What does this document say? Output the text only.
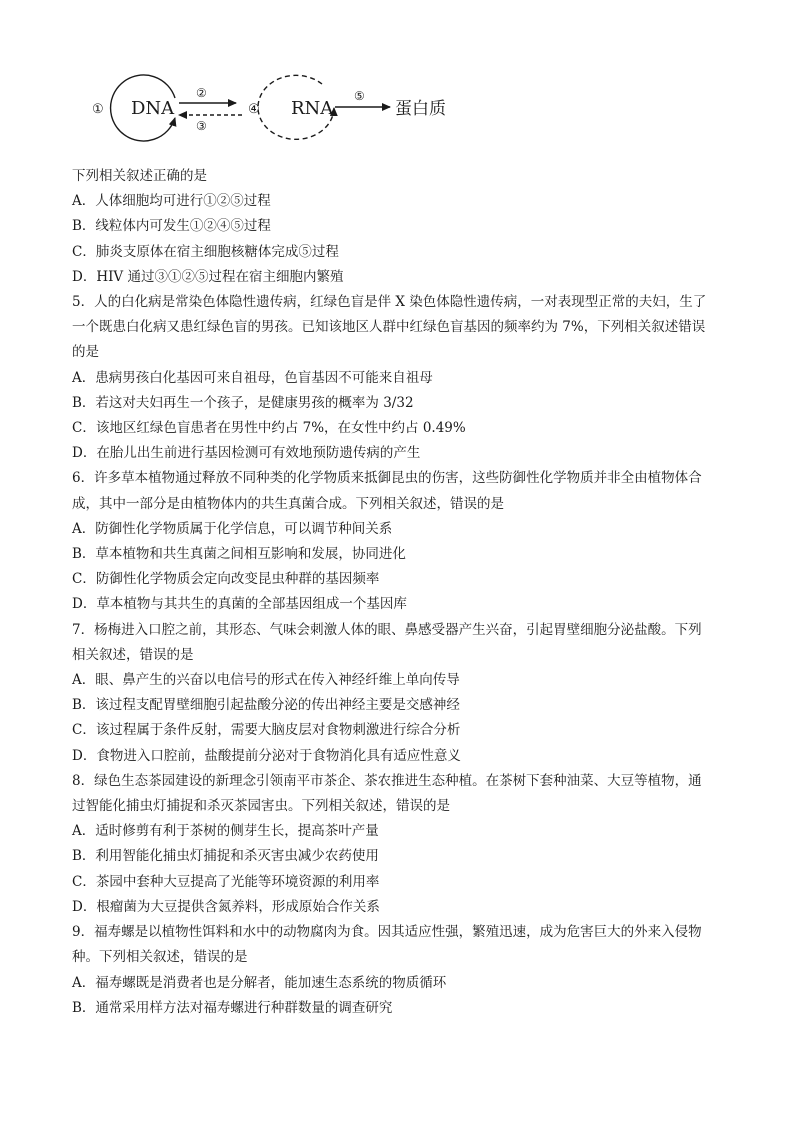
① DNA
②
③
④ RNA
⑤
蛋白质

下列相关叙述正确的是

A．人体细胞均可进行①②⑤过程

B．线粒体内可发生①②④⑤过程

C．肺炎支原体在宿主细胞核糖体完成⑤过程

D．HIV 通过③①②⑤过程在宿主细胞内繁殖

5．人的白化病是常染色体隐性遗传病，红绿色盲是伴 X 染色体隐性遗传病，一对表现型正常的夫妇，生了

一个既患白化病又患红绿色盲的男孩。已知该地区人群中红绿色盲基因的频率约为 7%，下列相关叙述错误

的是

A．患病男孩白化基因可来自祖母，色盲基因不可能来自祖母

B．若这对夫妇再生一个孩子，是健康男孩的概率为 3/32

C．该地区红绿色盲患者在男性中约占 7%，在女性中约占 0.49%

D．在胎儿出生前进行基因检测可有效地预防遗传病的产生

6．许多草本植物通过释放不同种类的化学物质来抵御昆虫的伤害，这些防御性化学物质并非全由植物体合

成，其中一部分是由植物体内的共生真菌合成。下列相关叙述，错误的是

A．防御性化学物质属于化学信息，可以调节种间关系

B．草本植物和共生真菌之间相互影响和发展，协同进化

C．防御性化学物质会定向改变昆虫种群的基因频率

D．草本植物与其共生的真菌的全部基因组成一个基因库

7．杨梅进入口腔之前，其形态、气味会刺激人体的眼、鼻感受器产生兴奋，引起胃壁细胞分泌盐酸。下列

相关叙述，错误的是

A．眼、鼻产生的兴奋以电信号的形式在传入神经纤维上单向传导

B．该过程支配胃壁细胞引起盐酸分泌的传出神经主要是交感神经

C．该过程属于条件反射，需要大脑皮层对食物刺激进行综合分析

D．食物进入口腔前，盐酸提前分泌对于食物消化具有适应性意义

8．绿色生态茶园建设的新理念引领南平市茶企、茶农推进生态种植。在茶树下套种油菜、大豆等植物，通

过智能化捕虫灯捕捉和杀灭茶园害虫。下列相关叙述，错误的是

A．适时修剪有利于茶树的侧芽生长，提高茶叶产量

B．利用智能化捕虫灯捕捉和杀灭害虫减少农药使用

C．茶园中套种大豆提高了光能等环境资源的利用率

D．根瘤菌为大豆提供含氮养料，形成原始合作关系

9．福寿螺是以植物性饵料和水中的动物腐肉为食。因其适应性强，繁殖迅速，成为危害巨大的外来入侵物

种。下列相关叙述，错误的是

A．福寿螺既是消费者也是分解者，能加速生态系统的物质循环

B．通常采用样方法对福寿螺进行种群数量的调查研究
